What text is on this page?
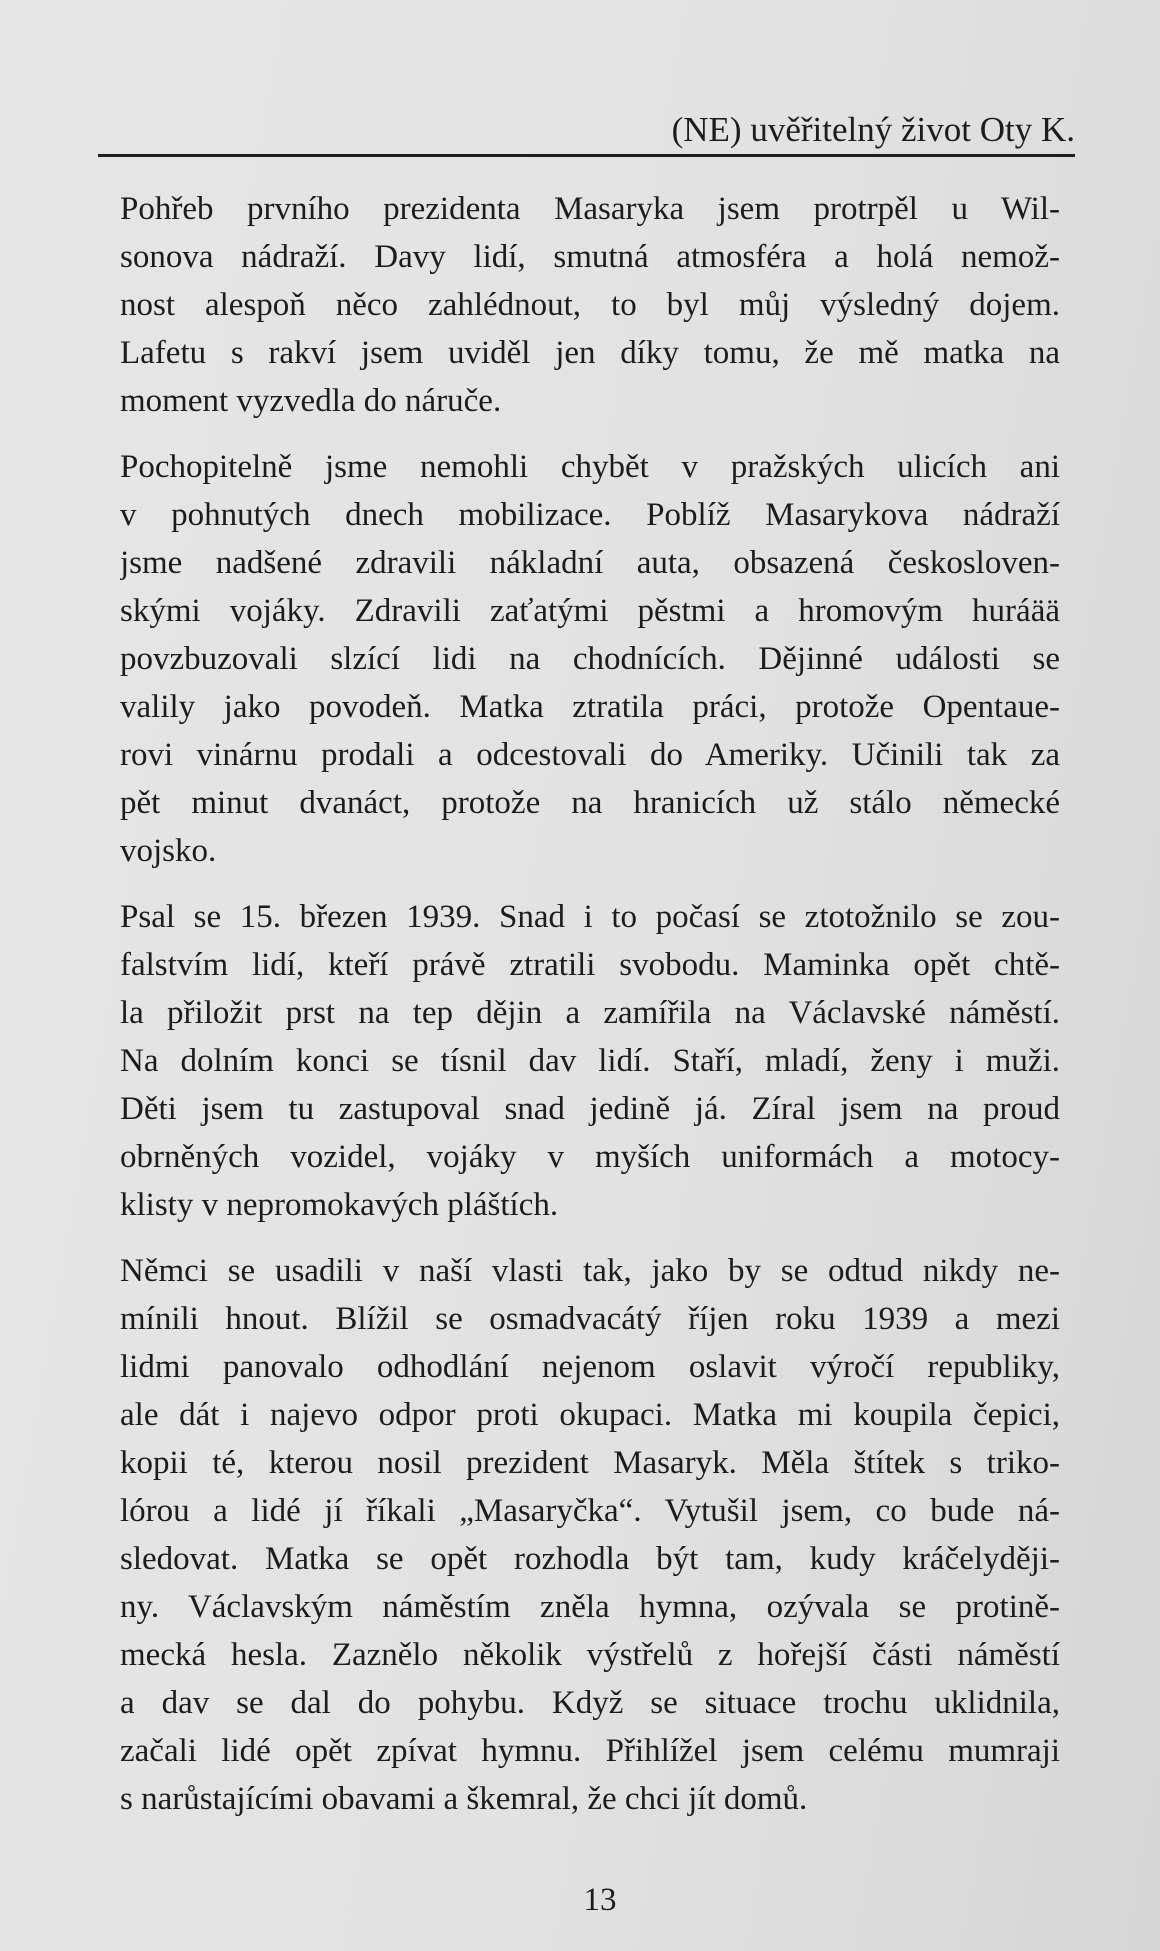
(NE) uvěřitelný život Oty K.
Pohřeb prvního prezidenta Masaryka jsem protrpěl u Wil-
sonova nádraží. Davy lidí, smutná atmosféra a holá nemož-
nost alespoň něco zahlédnout, to byl můj výsledný dojem.
Lafetu s rakví jsem uviděl jen díky tomu, že mě matka na
moment vyzvedla do náruče.
Pochopitelně jsme nemohli chybět v pražských ulicích ani
v pohnutých dnech mobilizace. Poblíž Masarykova nádraží
jsme nadšené zdravili nákladní auta, obsazená českosloven-
skými vojáky. Zdravili zaťatými pěstmi a hromovým huráää
povzbuzovali slzící lidi na chodnících. Dějinné události se
valily jako povodeň. Matka ztratila práci, protože Opentaue-
rovi vinárnu prodali a odcestovali do Ameriky. Učinili tak za
pět minut dvanáct, protože na hranicích už stálo německé
vojsko.
Psal se 15. březen 1939. Snad i to počasí se ztotožnilo se zou-
falstvím lidí, kteří právě ztratili svobodu. Maminka opět chtě-
la přiložit prst na tep dějin a zamířila na Václavské náměstí.
Na dolním konci se tísnil dav lidí. Staří, mladí, ženy i muži.
Děti jsem tu zastupoval snad jedině já. Zíral jsem na proud
obrněných vozidel, vojáky v myších uniformách a motocy-
klisty v nepromokavých pláštích.
Němci se usadili v naší vlasti tak, jako by se odtud nikdy ne-
mínili hnout. Blížil se osmadvacátý říjen roku 1939 a mezi
lidmi panovalo odhodlání nejenom oslavit výročí republiky,
ale dát i najevo odpor proti okupaci. Matka mi koupila čepici,
kopii té, kterou nosil prezident Masaryk. Měla štítek s triko-
lórou a lidé jí říkali „Masaryčka“. Vytušil jsem, co bude ná-
sledovat. Matka se opět rozhodla být tam, kudy kráčelyději-
ny. Václavským náměstím zněla hymna, ozývala se protině-
mecká hesla. Zaznělo několik výstřelů z hořejší části náměstí
a dav se dal do pohybu. Když se situace trochu uklidnila,
začali lidé opět zpívat hymnu. Přihlížel jsem celému mumraji
s narůstajícími obavami a škemral, že chci jít domů.
13
